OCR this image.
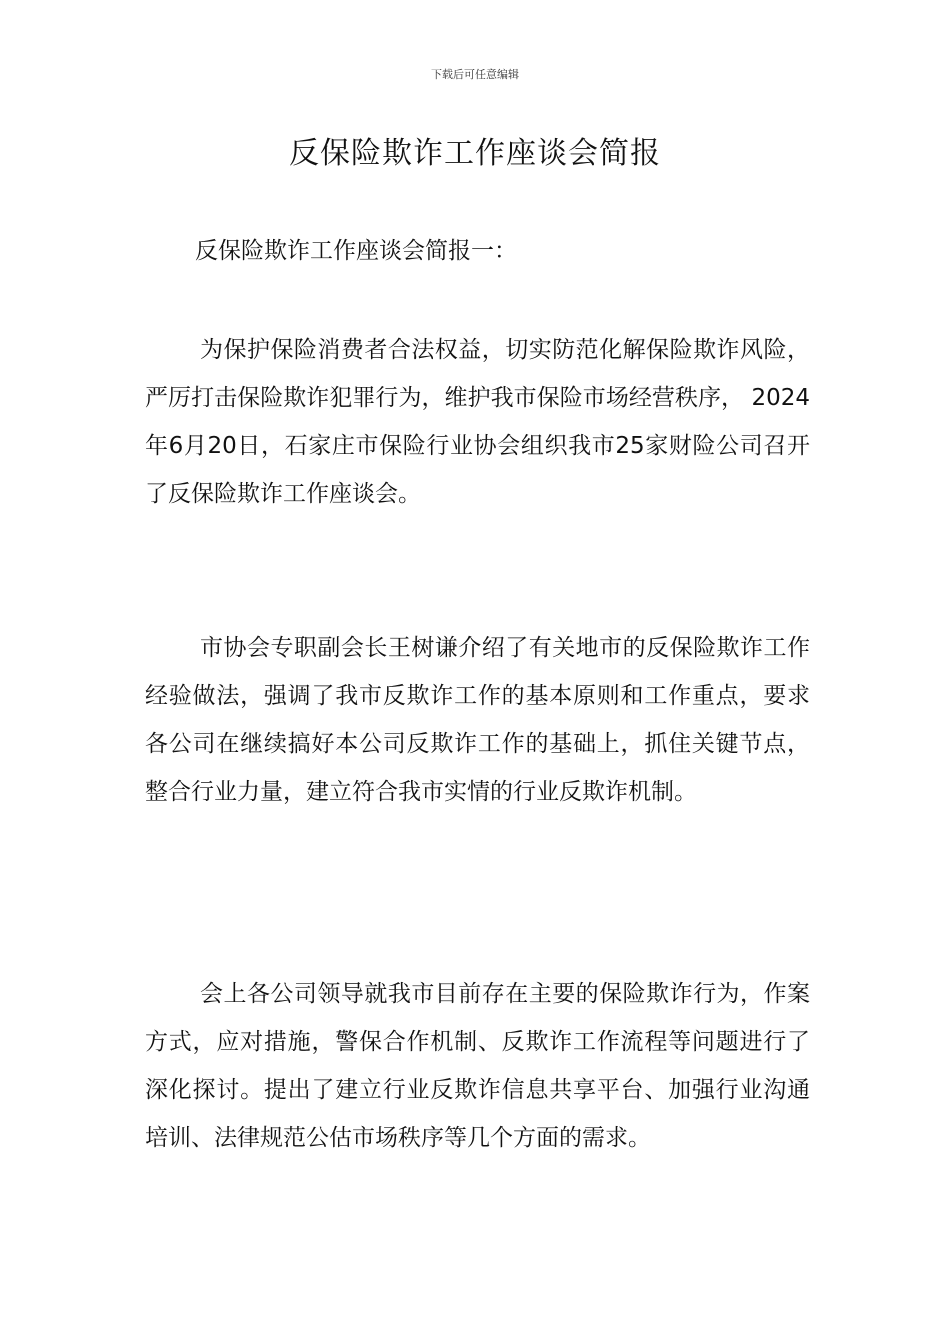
下载后可任意编辑
反保险欺诈工作座谈会简报
反保险欺诈工作座谈会简报一：

为保护保险消费者合法权益，切实防范化解保险欺诈风险，严厉打击保险欺诈犯罪行为，维护我市保险市场经营秩序， 2024年6月20日，石家庄市保险行业协会组织我市25家财险公司召开了反保险欺诈工作座谈会。

市协会专职副会长王树谦介绍了有关地市的反保险欺诈工作经验做法，强调了我市反欺诈工作的基本原则和工作重点，要求各公司在继续搞好本公司反欺诈工作的基础上，抓住关键节点，整合行业力量，建立符合我市实情的行业反欺诈机制。

会上各公司领导就我市目前存在主要的保险欺诈行为，作案方式，应对措施，警保合作机制、反欺诈工作流程等问题进行了深化探讨。提出了建立行业反欺诈信息共享平台、加强行业沟通培训、法律规范公估市场秩序等几个方面的需求。
